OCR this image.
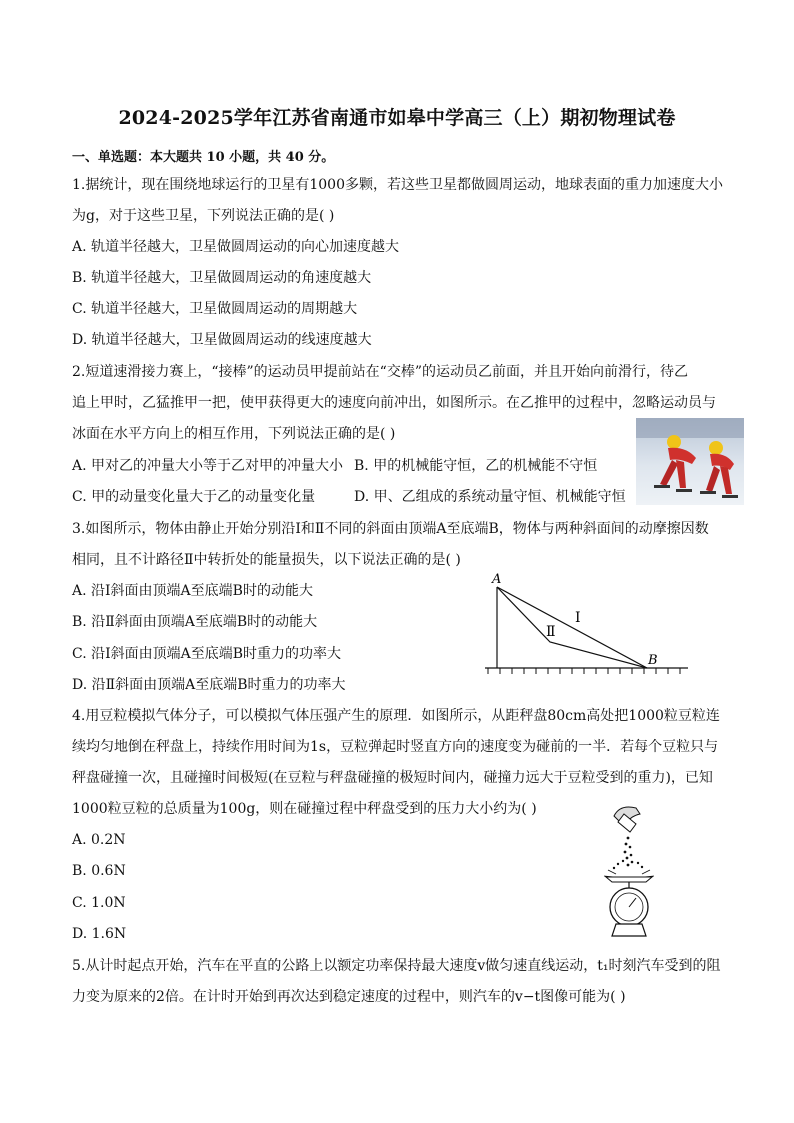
2024-2025学年江苏省南通市如皋中学高三（上）期初物理试卷
一、单选题：本大题共 10 小题，共 40 分。
1.据统计，现在围绕地球运行的卫星有1000多颗，若这些卫星都做圆周运动，地球表面的重力加速度大小
为g，对于这些卫星，下列说法正确的是( )
A. 轨道半径越大，卫星做圆周运动的向心加速度越大
B. 轨道半径越大，卫星做圆周运动的角速度越大
C. 轨道半径越大，卫星做圆周运动的周期越大
D. 轨道半径越大，卫星做圆周运动的线速度越大
2.短道速滑接力赛上，“接棒”的运动员甲提前站在“交棒”的运动员乙前面，并且开始向前滑行，待乙
追上甲时，乙猛推甲一把，使甲获得更大的速度向前冲出，如图所示。在乙推甲的过程中，忽略运动员与
冰面在水平方向上的相互作用，下列说法正确的是( )
A. 甲对乙的冲量大小等于乙对甲的冲量大小 B. 甲的机械能守恒，乙的机械能不守恒
C. 甲的动量变化量大于乙的动量变化量	D. 甲、乙组成的系统动量守恒、机械能守恒
3.如图所示，物体由静止开始分别沿Ⅰ和Ⅱ不同的斜面由顶端A至底端B，物体与两种斜面间的动摩擦因数
相同，且不计路径Ⅱ中转折处的能量损失，以下说法正确的是( )
A. 沿Ⅰ斜面由顶端A至底端B时的动能大
B. 沿Ⅱ斜面由顶端A至底端B时的动能大
C. 沿Ⅰ斜面由顶端A至底端B时重力的功率大
D. 沿Ⅱ斜面由顶端A至底端B时重力的功率大
A
B
Ⅰ
Ⅱ
4.用豆粒模拟气体分子，可以模拟气体压强产生的原理．如图所示，从距秤盘80cm高处把1000粒豆粒连
续均匀地倒在秤盘上，持续作用时间为1s，豆粒弹起时竖直方向的速度变为碰前的一半．若每个豆粒只与
秤盘碰撞一次，且碰撞时间极短(在豆粒与秤盘碰撞的极短时间内，碰撞力远大于豆粒受到的重力)，已知
1000粒豆粒的总质量为100g，则在碰撞过程中秤盘受到的压力大小约为( )
A. 0.2N
B. 0.6N
C. 1.0N
D. 1.6N
5.从计时起点开始，汽车在平直的公路上以额定功率保持最大速度v做匀速直线运动，t₁时刻汽车受到的阻
力变为原来的2倍。在计时开始到再次达到稳定速度的过程中，则汽车的v−t图像可能为( )
